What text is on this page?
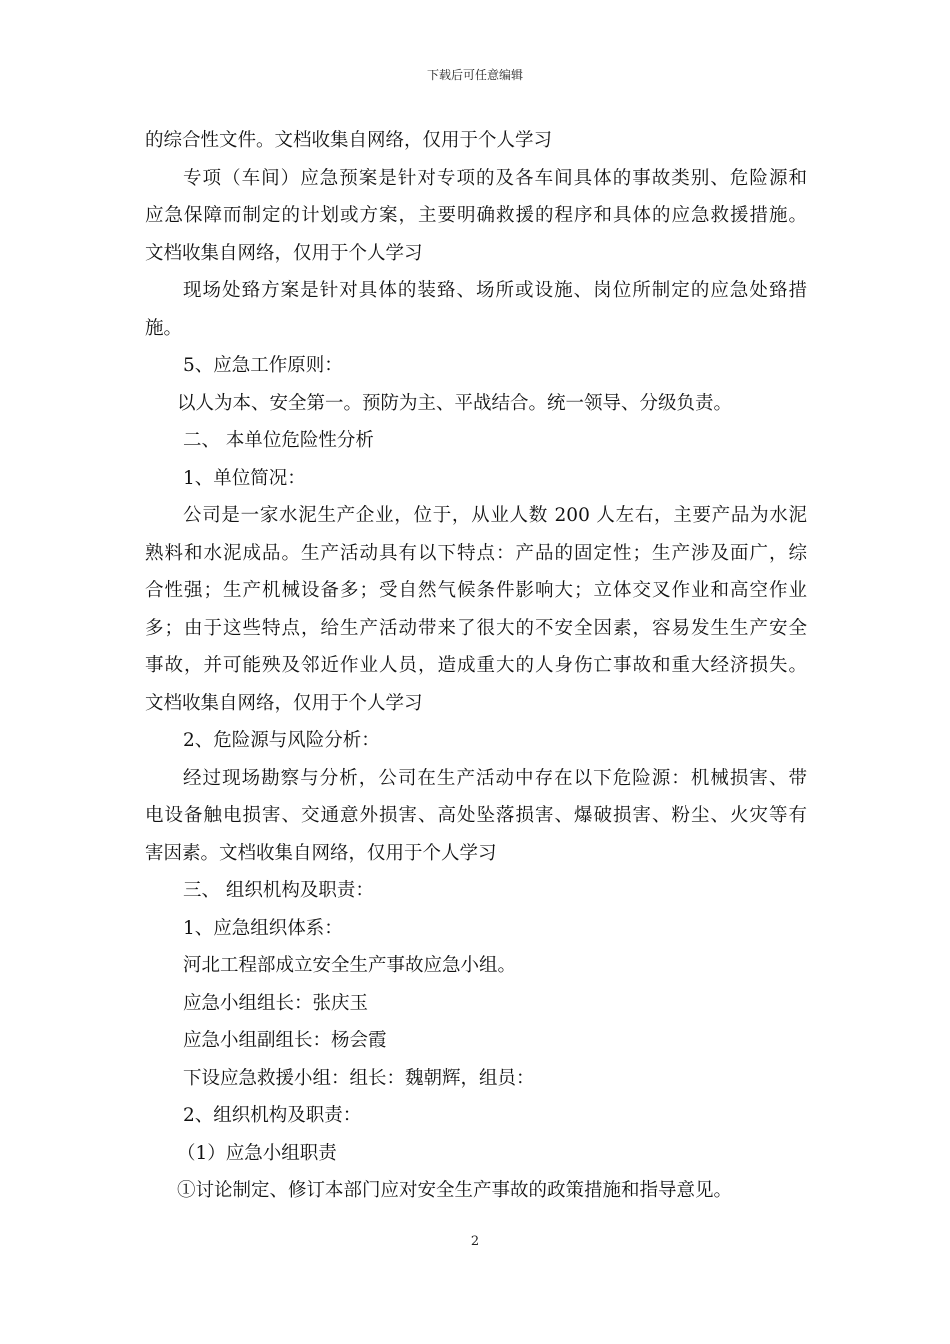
下载后可任意编辑
的综合性文件。文档收集自网络，仅用于个人学习
专项（车间）应急预案是针对专项的及各车间具体的事故类别、危险源和
应急保障而制定的计划或方案，主要明确救援的程序和具体的应急救援措施。
文档收集自网络，仅用于个人学习
现场处臵方案是针对具体的装臵、场所或设施、岗位所制定的应急处臵措
施。
5、应急工作原则：
以人为本、安全第一。预防为主、平战结合。统一领导、分级负责。
二、 本单位危险性分析
1、单位简况：
公司是一家水泥生产企业，位于，从业人数 200 人左右，主要产品为水泥
熟料和水泥成品。生产活动具有以下特点：产品的固定性；生产涉及面广，综
合性强；生产机械设备多；受自然气候条件影响大；立体交叉作业和高空作业
多；由于这些特点，给生产活动带来了很大的不安全因素，容易发生生产安全
事故，并可能殃及邻近作业人员，造成重大的人身伤亡事故和重大经济损失。
文档收集自网络，仅用于个人学习
2、危险源与风险分析：
经过现场勘察与分析，公司在生产活动中存在以下危险源：机械损害、带
电设备触电损害、交通意外损害、高处坠落损害、爆破损害、粉尘、火灾等有
害因素。文档收集自网络，仅用于个人学习
三、 组织机构及职责：
1、应急组织体系：
河北工程部成立安全生产事故应急小组。
应急小组组长：张庆玉
应急小组副组长：杨会霞
下设应急救援小组：组长：魏朝辉，组员：
2、组织机构及职责：
（1）应急小组职责
①讨论制定、修订本部门应对安全生产事故的政策措施和指导意见。
2
